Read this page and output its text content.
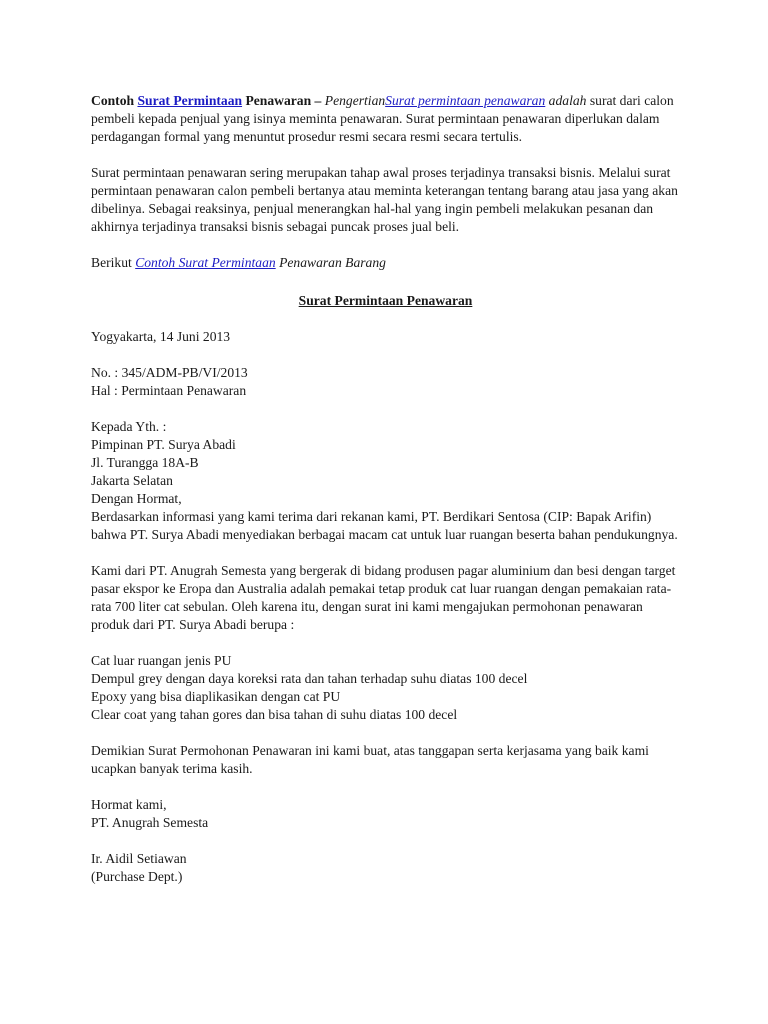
Contoh Surat Permintaan Penawaran – PengertianSurat permintaan penawaran adalah surat dari calon pembeli kepada penjual yang isinya meminta penawaran. Surat permintaan penawaran diperlukan dalam perdagangan formal yang menuntut prosedur resmi secara resmi secara tertulis.

Surat permintaan penawaran sering merupakan tahap awal proses terjadinya transaksi bisnis. Melalui surat permintaan penawaran calon pembeli bertanya atau meminta keterangan tentang barang atau jasa yang akan dibelinya. Sebagai reaksinya, penjual menerangkan hal-hal yang ingin pembeli melakukan pesanan dan akhirnya terjadinya transaksi bisnis sebagai puncak proses jual beli.

Berikut Contoh Surat Permintaan Penawaran Barang

Surat Permintaan Penawaran

Yogyakarta, 14 Juni 2013

No. : 345/ADM-PB/VI/2013
Hal : Permintaan Penawaran

Kepada Yth. :
Pimpinan PT. Surya Abadi
Jl. Turangga 18A-B
Jakarta Selatan
Dengan Hormat,
Berdasarkan informasi yang kami terima dari rekanan kami, PT. Berdikari Sentosa (CIP: Bapak Arifin) bahwa PT. Surya Abadi menyediakan berbagai macam cat untuk luar ruangan beserta bahan pendukungnya.

Kami dari PT. Anugrah Semesta yang bergerak di bidang produsen pagar aluminium dan besi dengan target pasar ekspor ke Eropa dan Australia adalah pemakai tetap produk cat luar ruangan dengan pemakaian rata-rata 700 liter cat sebulan. Oleh karena itu, dengan surat ini kami mengajukan permohonan penawaran produk dari PT. Surya Abadi berupa :

Cat luar ruangan jenis PU
Dempul grey dengan daya koreksi rata dan tahan terhadap suhu diatas 100 decel
Epoxy yang bisa diaplikasikan dengan cat PU
Clear coat yang tahan gores dan bisa tahan di suhu diatas 100 decel

Demikian Surat Permohonan Penawaran ini kami buat, atas tanggapan serta kerjasama yang baik kami ucapkan banyak terima kasih.

Hormat kami,
PT. Anugrah Semesta

Ir. Aidil Setiawan
(Purchase Dept.)
